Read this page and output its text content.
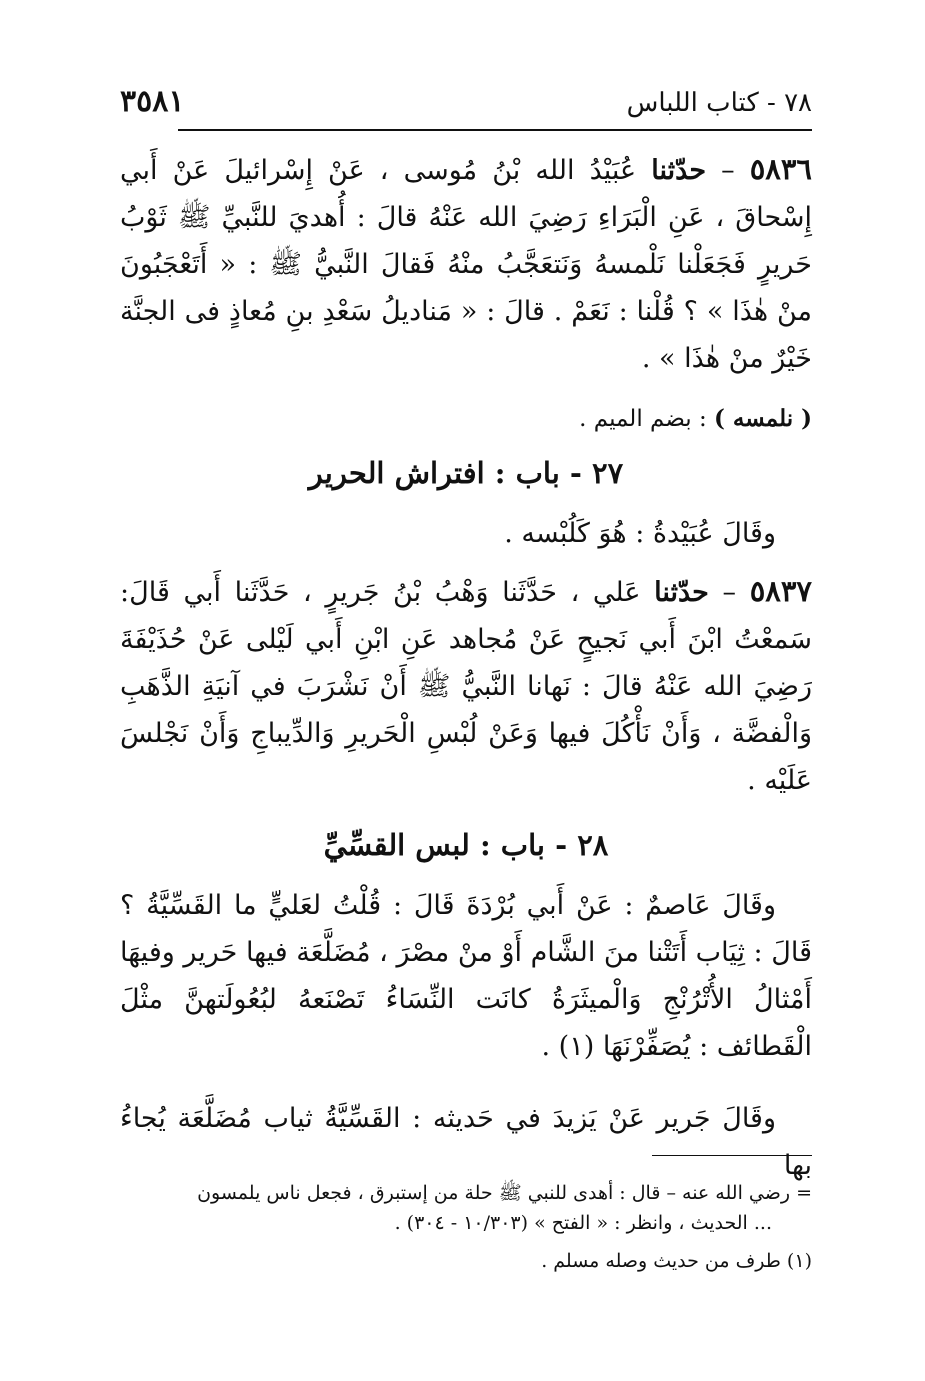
٧٨ - كتاب اللباس
٣٥٨١
٥٨٣٦ – حدّثنا عُبَيْدُ الله بْنُ مُوسى ، عَنْ إِسْرائيلَ عَنْ أَبي إِسْحاقَ ، عَنِ الْبَرَاءِ رَضِيَ الله عَنْهُ قالَ : أُهديَ للنَّبيِّ ﷺ ثَوْبُ حَريرٍ فَجَعَلْنا نَلْمسهُ وَنَتعَجَّبُ منْهُ فَقالَ النَّبيُّ ﷺ : « أَتَعْجَبُونَ منْ هٰذَا » ؟ قُلْنا : نَعَمْ . قالَ : « مَناديلُ سَعْدِ بنِ مُعاذٍ فى الجنَّة خَيْرٌ منْ هٰذَا » .
( نلمسه ) : بضم الميم .
٢٧ - باب : افتراش الحرير
وقَالَ عُبَيْدةُ : هُوَ كَلُبْسه .
٥٨٣٧ – حدّثنا عَلي ، حَدَّثَنا وَهْبُ بْنُ جَريرٍ ، حَدَّثَنا أَبي قَالَ: سَمعْتُ ابْنَ أَبي نَجيحٍ عَنْ مُجاهد عَنِ ابْنِ أَبي لَيْلى عَنْ حُذَيْفَةَ رَضِيَ الله عَنْهُ قالَ : نَهانا النَّبيُّ ﷺ أَنْ نَشْرَبَ في آنيَةِ الذَّهَبِ وَالْفضَّة ، وَأَنْ نَأْكُلَ فيها وَعَنْ لُبْسِ الْحَريرِ وَالدِّيباجِ وَأَنْ نَجْلسَ عَلَيْه .
٢٨ - باب : لبس القسِّيِّ
وقَالَ عَاصمٌ : عَنْ أَبي بُرْدَةَ قَالَ : قُلْتُ لعَليٍّ ما القَسِّيَّةُ ؟ قَالَ : ثِيَاب أَتَتْنا منَ الشَّام أَوْ منْ مصْرَ ، مُضَلَّعَة فيها حَرير وفيهَا أَمْثالُ الأُتْرُنْجِ وَالْميثَرَةُ كانَت النِّسَاءُ تَصْنَعهُ لبُعُولَتهنَّ مثْلَ الْقَطائف : يُصَفِّرْنَهَا (١) .
وقَالَ جَرير عَنْ يَزيدَ في حَديثه : القَسِّيَّةُ ثياب مُضَلَّعَة يُجاءُ بها
= رضي الله عنه – قال : أهدى للنبي ﷺ حلة من إستبرق ، فجعل ناس يلمسون
... الحديث ، وانظر : « الفتح » (١٠/٣٠٣ - ٣٠٤) .
(١) طرف من حديث وصله مسلم .
